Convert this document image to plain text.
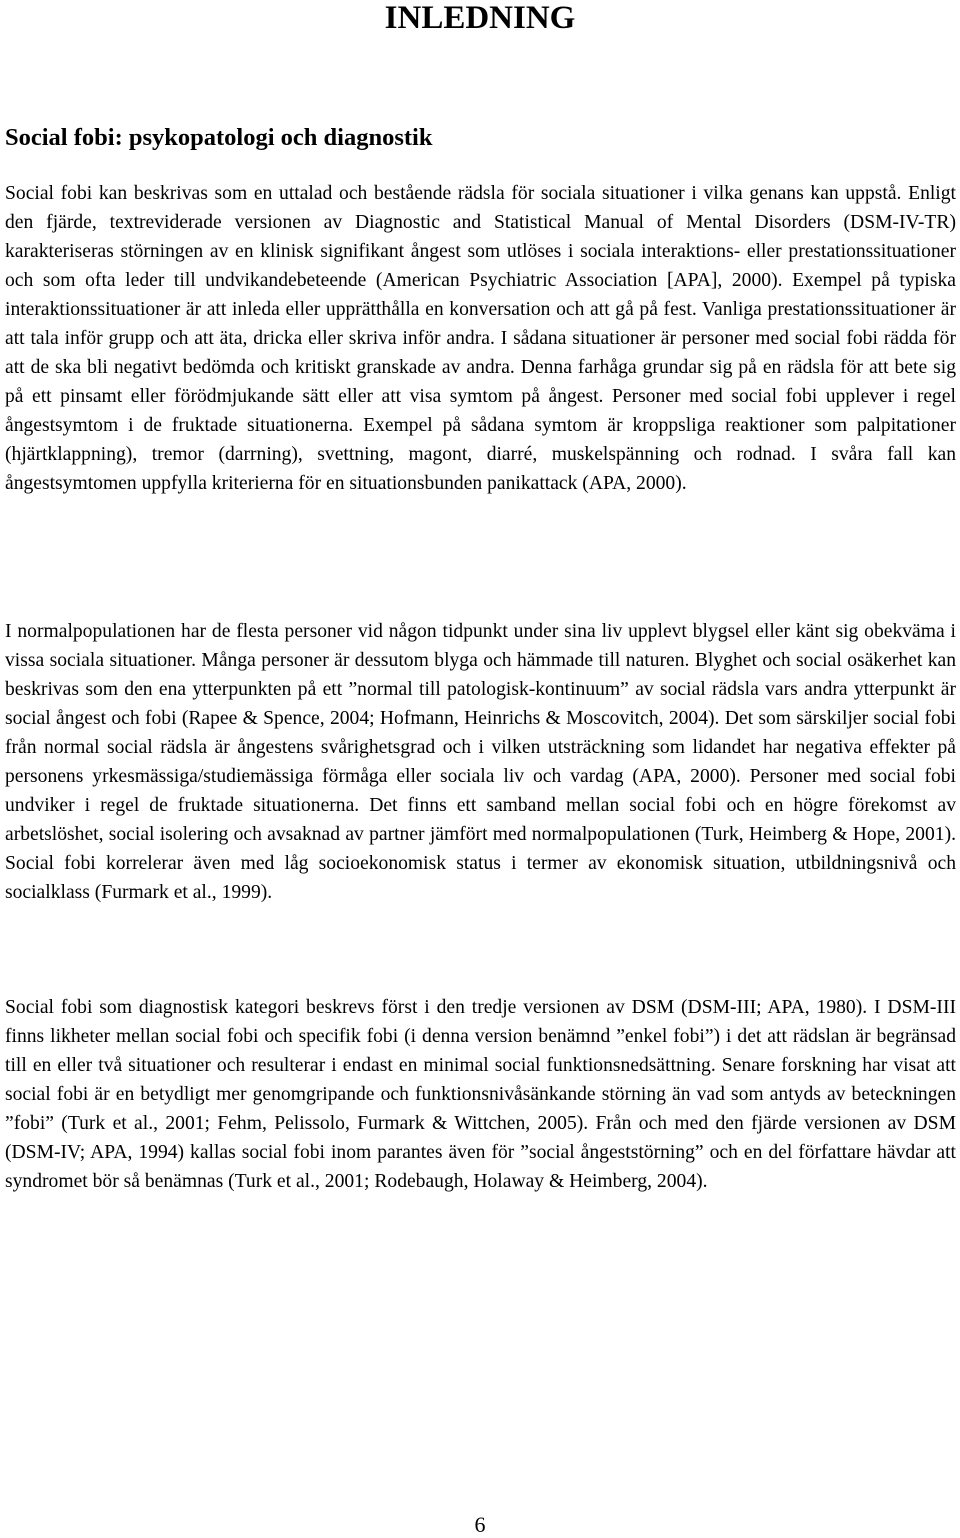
INLEDNING
Social fobi: psykopatologi och diagnostik

Social fobi kan beskrivas som en uttalad och bestående rädsla för sociala situationer i vilka genans kan uppstå. Enligt den fjärde, textreviderade versionen av Diagnostic and Statistical Manual of Mental Disorders (DSM-IV-TR) karakteriseras störningen av en klinisk signifikant ångest som utlöses i sociala interaktions- eller prestationssituationer och som ofta leder till undvikandebeteende (American Psychiatric Association [APA], 2000). Exempel på typiska interaktionssituationer är att inleda eller upprätthålla en konversation och att gå på fest. Vanliga prestationssituationer är att tala inför grupp och att äta, dricka eller skriva inför andra. I sådana situationer är personer med social fobi rädda för att de ska bli negativt bedömda och kritiskt granskade av andra. Denna farhåga grundar sig på en rädsla för att bete sig på ett pinsamt eller förödmjukande sätt eller att visa symtom på ångest. Personer med social fobi upplever i regel ångestsymtom i de fruktade situationerna. Exempel på sådana symtom är kroppsliga reaktioner som palpitationer (hjärtklappning), tremor (darrning), svettning, magont, diarré, muskelspänning och rodnad. I svåra fall kan ångestsymtomen uppfylla kriterierna för en situationsbunden panikattack (APA, 2000).

I normalpopulationen har de flesta personer vid någon tidpunkt under sina liv upplevt blygsel eller känt sig obekväma i vissa sociala situationer. Många personer är dessutom blyga och hämmade till naturen. Blyghet och social osäkerhet kan beskrivas som den ena ytterpunkten på ett ”normal till patologisk-kontinuum” av social rädsla vars andra ytterpunkt är social ångest och fobi (Rapee & Spence, 2004; Hofmann, Heinrichs & Moscovitch, 2004). Det som särskiljer social fobi från normal social rädsla är ångestens svårighetsgrad och i vilken utsträckning som lidandet har negativa effekter på personens yrkesmässiga/studiemässiga förmåga eller sociala liv och vardag (APA, 2000). Personer med social fobi undviker i regel de fruktade situationerna. Det finns ett samband mellan social fobi och en högre förekomst av arbetslöshet, social isolering och avsaknad av partner jämfört med normalpopulationen (Turk, Heimberg & Hope, 2001). Social fobi korrelerar även med låg socioekonomisk status i termer av ekonomisk situation, utbildningsnivå och socialklass (Furmark et al., 1999).

Social fobi som diagnostisk kategori beskrevs först i den tredje versionen av DSM (DSM-III; APA, 1980). I DSM-III finns likheter mellan social fobi och specifik fobi (i denna version benämnd ”enkel fobi”) i det att rädslan är begränsad till en eller två situationer och resulterar i endast en minimal social funktionsnedsättning. Senare forskning har visat att social fobi är en betydligt mer genomgripande och funktionsnivåsänkande störning än vad som antyds av beteckningen ”fobi” (Turk et al., 2001; Fehm, Pelissolo, Furmark & Wittchen, 2005). Från och med den fjärde versionen av DSM (DSM-IV; APA, 1994) kallas social fobi inom parantes även för ”social ångeststörning” och en del författare hävdar att syndromet bör så benämnas (Turk et al., 2001; Rodebaugh, Holaway & Heimberg, 2004).

6
